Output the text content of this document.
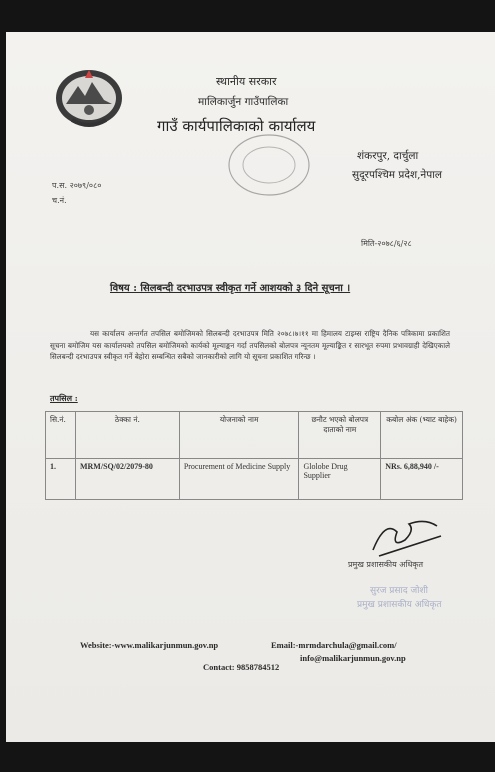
स्थानीय सरकार
मालिकार्जुन गाउँपालिका
गाउँ कार्यपालिकाको कार्यालय
शंकरपुर, दार्चुला
सुदूरपश्चिम प्रदेश,नेपाल
प.स. २०७९/०८०
च.नं.
मिति-२०७८/६/२८
विषय : सिलबन्दी दरभाउपत्र स्वीकृत गर्ने आशयको ३ दिने सूचना ।

यस कार्यालय अन्तर्गत तपसिल बमोजिमको सिलबन्दी दरभाउपत्र मिति २०७८।७।११ मा हिमालय टाइम्स राष्ट्रिय दैनिक पत्रिकामा प्रकाशित सूचना बमोजिम यस कार्यालयको तपसिल बमोजिमको कार्यको मूल्याङ्कन गर्दा तपसिलको बोलपत्र न्यूनतम मूल्याङ्कित र सारभूत रुपमा प्रभावग्राही देखिएकाले सिलबन्दी दरभाउपत्र स्वीकृत गर्ने बेहोरा सम्बन्धित सबैको जानकारीको लागि यो सूचना प्रकाशित गरिन्छ ।

तपसिल :
सि.नं.	ठेक्का नं.	योजनाको नाम	छनौट भएको बोलपत्र दाताको नाम	कबोल अंक (भ्याट बाहेक)
1.	MRM/SQ/02/2079-80	Procurement of Medicine Supply	Glolobe Drug Supplier	NRs. 6,88,940 /-
प्रमुख प्रशासकीय अधिकृत
सुरज प्रसाद जोशी
प्रमुख प्रशासकीय अधिकृत
Website:-www.malikarjunmun.gov.np	Email:-mrmdarchula@gmail.com/
info@malikarjunmun.gov.np
Contact: 9858784512
